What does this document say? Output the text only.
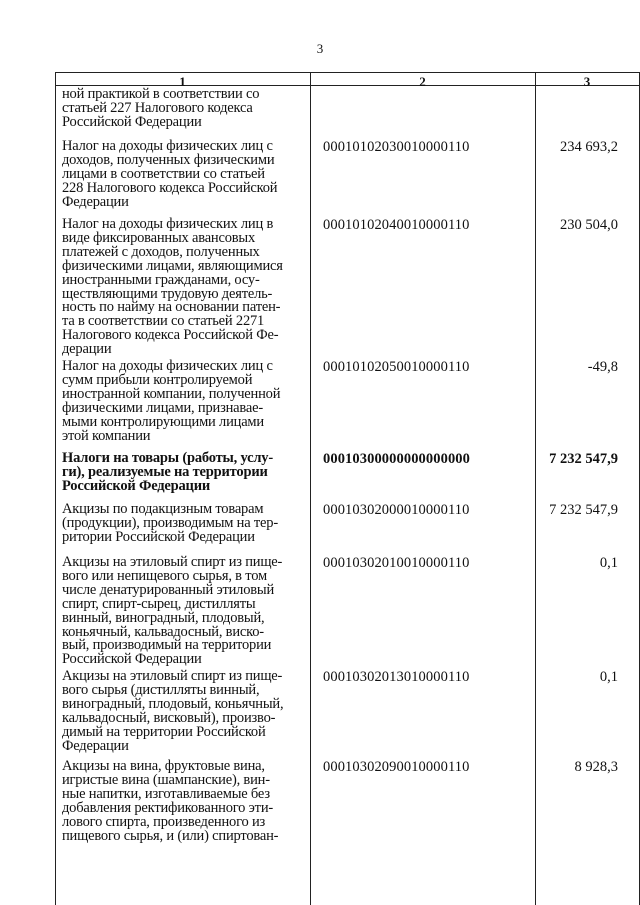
3
1	2	3
ной практикой в соответствии со
статьей 227 Налогового кодекса
Российской Федерации
Налог на доходы физических лиц с
доходов, полученных физическими
лицами в соответствии со статьей
228 Налогового кодекса Российской
Федерации
00010102030010000110	234 693,2
Налог на доходы физических лиц в
виде фиксированных авансовых
платежей с доходов, полученных
физическими лицами, являющимися
иностранными гражданами, осу-
ществляющими трудовую деятель-
ность по найму на основании патен-
та в соответствии со статьей 2271
Налогового кодекса Российской Фе-
дерации
00010102040010000110	230 504,0
Налог на доходы физических лиц с
сумм прибыли контролируемой
иностранной компании, полученной
физическими лицами, признавае-
мыми контролирующими лицами
этой компании
00010102050010000110	-49,8
Налоги на товары (работы, услу-
ги), реализуемые на территории
Российской Федерации
00010300000000000000	7 232 547,9
Акцизы по подакцизным товарам
(продукции), производимым на тер-
ритории Российской Федерации
00010302000010000110	7 232 547,9
Акцизы на этиловый спирт из пище-
вого или непищевого сырья, в том
числе денатурированный этиловый
спирт, спирт-сырец, дистилляты
винный, виноградный, плодовый,
коньячный, кальвадосный, виско-
вый, производимый на территории
Российской Федерации
00010302010010000110	0,1
Акцизы на этиловый спирт из пище-
вого сырья (дистилляты винный,
виноградный, плодовый, коньячный,
кальвадосный, висковый), произво-
димый на территории Российской
Федерации
00010302013010000110	0,1
Акцизы на вина, фруктовые вина,
игристые вина (шампанские), вин-
ные напитки, изготавливаемые без
добавления ректификованного эти-
лового спирта, произведенного из
пищевого сырья, и (или) спиртован-
00010302090010000110	8 928,3
